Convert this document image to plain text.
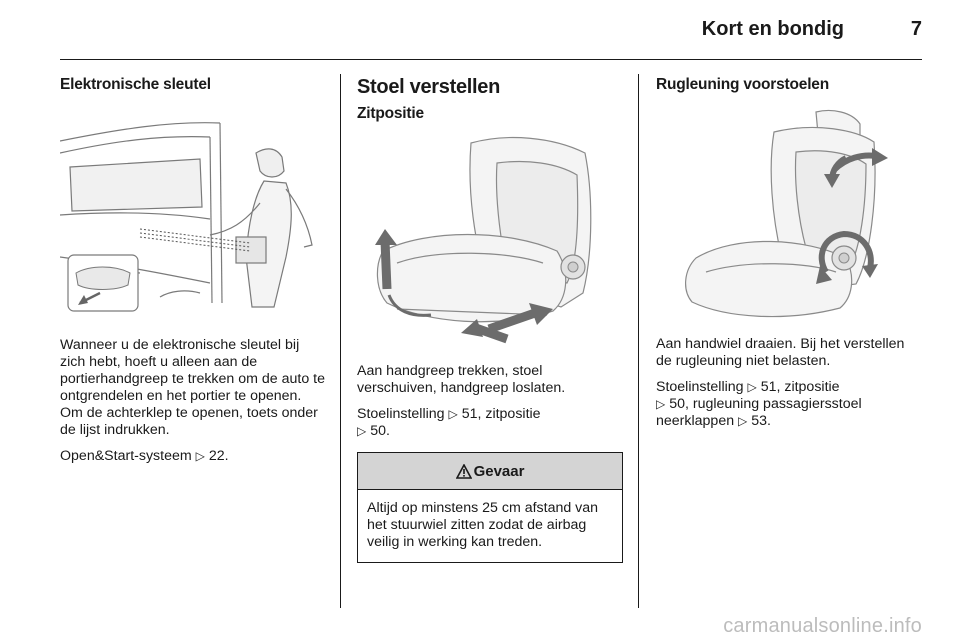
Kort en bondig	7
Elektronische sleutel

Wanneer u de elektronische sleutel bij zich hebt, hoeft u alleen aan de portierhandgreep te trekken om de auto te ontgrendelen en het portier te openen. Om de achterklep te openen, toets onder de lijst indrukken.

Open&Start-systeem ▷ 22.

Stoel verstellen
Zitpositie

Aan handgreep trekken, stoel verschuiven, handgreep loslaten.

Stoelinstelling ▷ 51, zitpositie
▷ 50.

Gevaar
Altijd op minstens 25 cm afstand van het stuurwiel zitten zodat de airbag veilig in werking kan treden.
Rugleuning voorstoelen

Aan handwiel draaien. Bij het verstellen de rugleuning niet belasten.

Stoelinstelling ▷ 51, zitpositie
▷ 50, rugleuning passagiersstoel neerklappen ▷ 53.

carmanualsonline.info
